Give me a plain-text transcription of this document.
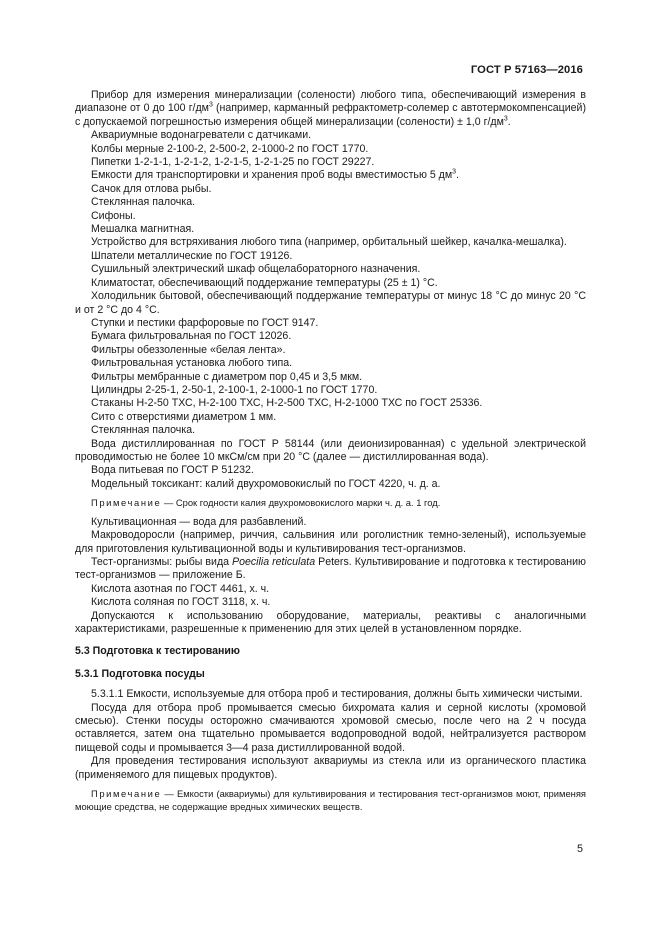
ГОСТ Р 57163—2016

Прибор для измерения минерализации (солености) любого типа, обеспечивающий измерения в диапазоне от 0 до 100 $г/дм^3$ (например, карманный рефрактометр-солемер с автотермокомпенсацией) с допускаемой погрешностью измерения общей минерализации (солености) ± 1,0 $г/дм^3$.

Аквариумные водонагреватели с датчиками.

Колбы мерные 2-100-2, 2-500-2, 2-1000-2 по ГОСТ 1770.

Пипетки 1-2-1-1, 1-2-1-2, 1-2-1-5, 1-2-1-25 по ГОСТ 29227.

Емкости для транспортировки и хранения проб воды вместимостью 5 $дм^3$.

Сачок для отлова рыбы.

Стеклянная палочка.

Сифоны.

Мешалка магнитная.

Устройство для встряхивания любого типа (например, орбитальный шейкер, качалка-мешалка).

Шпатели металлические по ГОСТ 19126.

Сушильный электрический шкаф общелабораторного назначения.

Климатостат, обеспечивающий поддержание температуры (25 ± 1) °С.

Холодильник бытовой, обеспечивающий поддержание температуры от минус 18 °С до минус 20 °С и от 2 °С до 4 °С.

Ступки и пестики фарфоровые по ГОСТ 9147.

Бумага фильтровальная по ГОСТ 12026.

Фильтры обеззоленные «белая лента».

Фильтровальная установка любого типа.

Фильтры мембранные с диаметром пор 0,45 и 3,5 мкм.

Цилиндры 2-25-1, 2-50-1, 2-100-1, 2-1000-1 по ГОСТ 1770.

Стаканы Н-2-50 ТХС, Н-2-100 ТХС, Н-2-500 ТХС, Н-2-1000 ТХС по ГОСТ 25336.

Сито с отверстиями диаметром 1 мм.

Стеклянная палочка.

Вода дистиллированная по ГОСТ Р 58144 (или деионизированная) с удельной электрической проводимостью не более 10 мкСм/см при 20 °С (далее — дистиллированная вода).

Вода питьевая по ГОСТ Р 51232.

Модельный токсикант: калий двухромовокислый по ГОСТ 4220, ч. д. а.

Примечание — Срок годности калия двухромовокислого марки ч. д. а. 1 год.

Культивационная — вода для разбавлений.

Макроводоросли (например, риччия, сальвиния или роголистник темно-зеленый), используемые для приготовления культивационной воды и культивирования тест-организмов.

Тест-организмы: рыбы вида Poecilia reticulata Peters. Культивирование и подготовка к тестированию тест-организмов — приложение Б.

Кислота азотная по ГОСТ 4461, х. ч.

Кислота соляная по ГОСТ 3118, х. ч.

Допускаются к использованию оборудование, материалы, реактивы с аналогичными характеристиками, разрешенные к применению для этих целей в установленном порядке.

5.3 Подготовка к тестированию

5.3.1 Подготовка посуды

5.3.1.1 Емкости, используемые для отбора проб и тестирования, должны быть химически чистыми.

Посуда для отбора проб промывается смесью бихромата калия и серной кислоты (хромовой смесью). Стенки посуды осторожно смачиваются хромовой смесью, после чего на 2 ч посуда оставляется, затем она тщательно промывается водопроводной водой, нейтрализуется раствором пищевой соды и промывается 3—4 раза дистиллированной водой.

Для проведения тестирования используют аквариумы из стекла или из органического пластика (применяемого для пищевых продуктов).

Примечание — Емкости (аквариумы) для культивирования и тестирования тест-организмов моют, применяя моющие средства, не содержащие вредных химических веществ.

5
